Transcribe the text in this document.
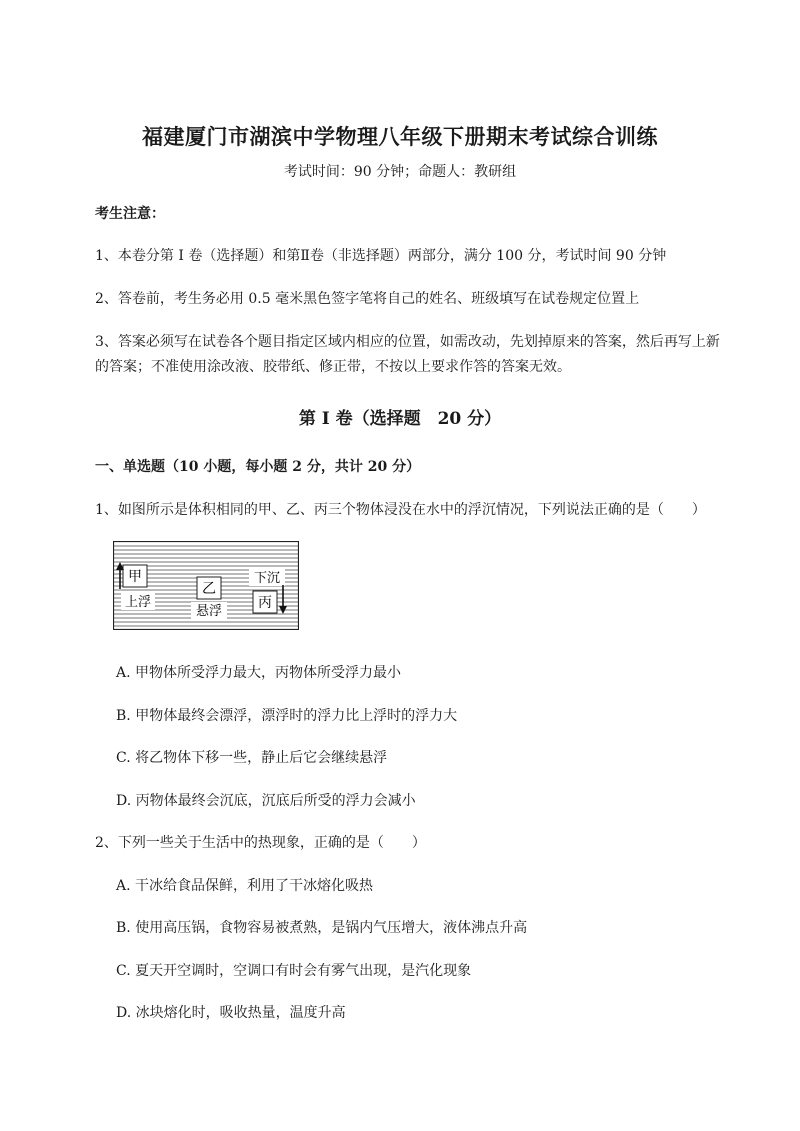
福建厦门市湖滨中学物理八年级下册期末考试综合训练
考试时间：90 分钟；命题人：教研组
考生注意：
1、本卷分第 I 卷（选择题）和第Ⅱ卷（非选择题）两部分，满分 100 分，考试时间 90 分钟
2、答卷前，考生务必用 0.5 毫米黑色签字笔将自己的姓名、班级填写在试卷规定位置上
3、答案必须写在试卷各个题目指定区域内相应的位置，如需改动，先划掉原来的答案，然后再写上新
的答案；不准使用涂改液、胶带纸、修正带，不按以上要求作答的答案无效。
第 I 卷（选择题　20 分）
一、单选题（10 小题，每小题 2 分，共计 20 分）
1、如图所示是体积相同的甲、乙、丙三个物体浸没在水中的浮沉情况，下列说法正确的是（　　）
甲
上浮
乙
悬浮
下沉
丙
A. 甲物体所受浮力最大，丙物体所受浮力最小
B. 甲物体最终会漂浮，漂浮时的浮力比上浮时的浮力大
C. 将乙物体下移一些，静止后它会继续悬浮
D. 丙物体最终会沉底，沉底后所受的浮力会减小
2、下列一些关于生活中的热现象，正确的是（　　）
A. 干冰给食品保鲜，利用了干冰熔化吸热
B. 使用高压锅，食物容易被煮熟，是锅内气压增大，液体沸点升高
C. 夏天开空调时，空调口有时会有雾气出现，是汽化现象
D. 冰块熔化时，吸收热量，温度升高
